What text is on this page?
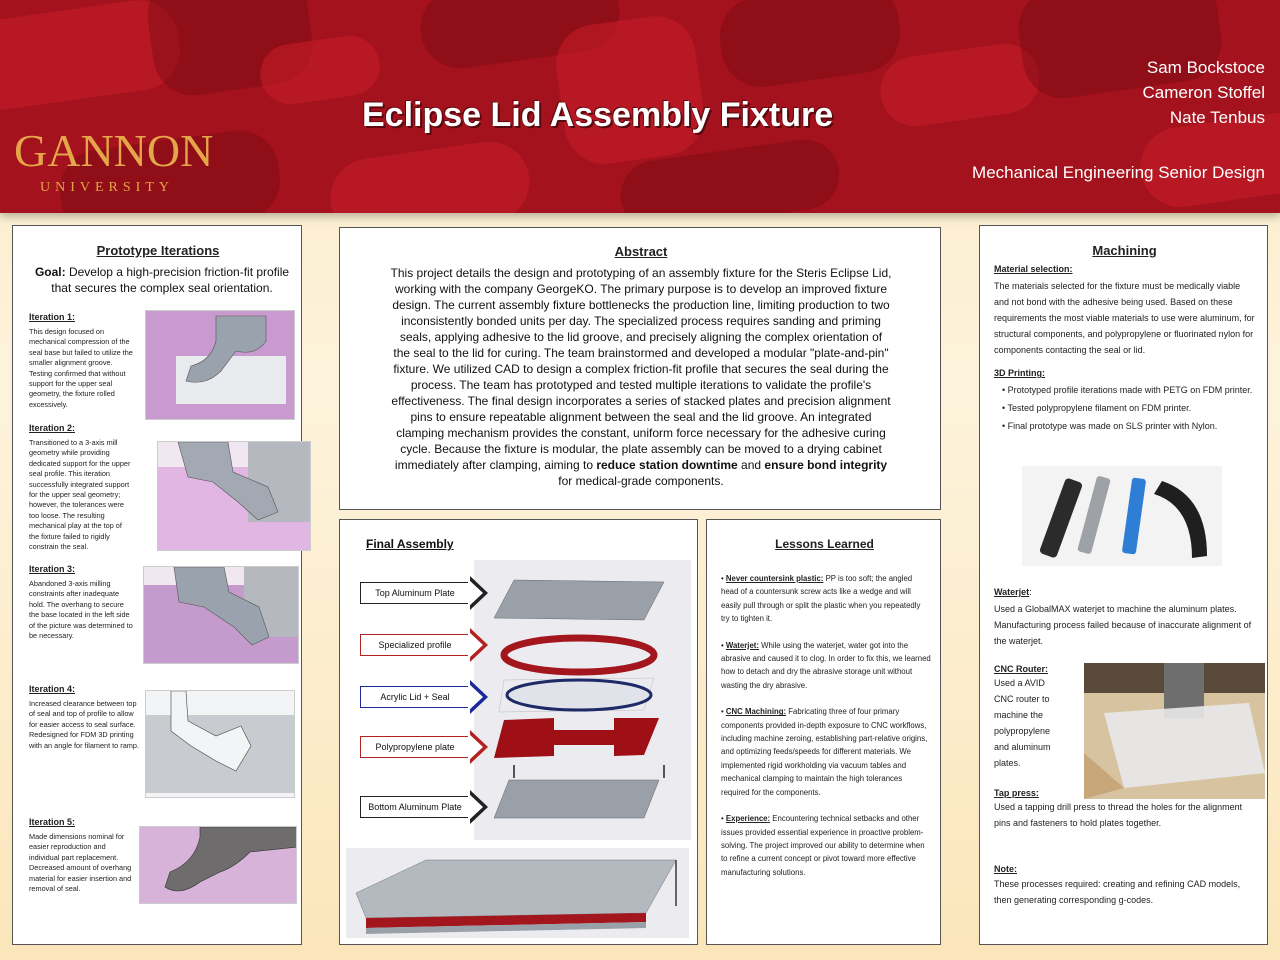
GANNON
UNIVERSITY
Eclipse Lid Assembly Fixture
Sam Bockstoce
Cameron Stoffel
Nate Tenbus
Mechanical Engineering Senior Design
Prototype Iterations
Goal: Develop a high-precision friction-fit profile that secures the complex seal orientation.
Iteration 1:
This design focused on mechanical compression of the seal base but failed to utilize the smaller alignment groove. Testing confirmed that without support for the upper seal geometry, the fixture rolled excessively.
Iteration 2:
Transitioned to a 3-axis mill geometry while providing dedicated support for the upper seal profile. This iteration successfully integrated support for the upper seal geometry; however, the tolerances were too loose. The resulting mechanical play at the top of the fixture failed to rigidly constrain the seal.
Iteration 3:
Abandoned 3-axis milling constraints after inadequate hold. The overhang to secure the base located in the left side of the picture was determined to be necessary.
Iteration 4:
Increased clearance between top of seal and top of profile to allow for easier access to seal surface. Redesigned for FDM 3D printing with an angle for filament to ramp.
Iteration 5:
Made dimensions nominal for easier reproduction and individual part replacement. Decreased amount of overhang material for easier insertion and removal of seal.
Abstract
This project details the design and prototyping of an assembly fixture for the Steris Eclipse Lid, working with the company GeorgeKO. The primary purpose is to develop an improved fixture design. The current assembly fixture bottlenecks the production line, limiting production to two inconsistently bonded units per day. The specialized process requires sanding and priming seals, applying adhesive to the lid groove, and precisely aligning the complex orientation of the seal to the lid for curing. The team brainstormed and developed a modular "plate-and-pin" fixture. We utilized CAD to design a complex friction-fit profile that secures the seal during the process. The team has prototyped and tested multiple iterations to validate the profile's effectiveness. The final design incorporates a series of stacked plates and precision alignment pins to ensure repeatable alignment between the seal and the lid groove. An integrated clamping mechanism provides the constant, uniform force necessary for the adhesive curing cycle. Because the fixture is modular, the plate assembly can be moved to a drying cabinet immediately after clamping, aiming to reduce station downtime and ensure bond integrity for medical-grade components.
Final Assembly
Top Aluminum Plate
Specialized profile
Acrylic Lid + Seal
Polypropylene plate
Bottom Aluminum Plate
Lessons Learned
• Never countersink plastic: PP is too soft; the angled head of a countersunk screw acts like a wedge and will easily pull through or split the plastic when you repeatedly try to tighten it.
• Waterjet: While using the waterjet, water got into the abrasive and caused it to clog. In order to fix this, we learned how to detach and dry the abrasive storage unit without wasting the dry abrasive.
• CNC Machining: Fabricating three of four primary components provided in-depth exposure to CNC workflows, including machine zeroing, establishing part-relative origins, and optimizing feeds/speeds for different materials. We implemented rigid workholding via vacuum tables and mechanical clamping to maintain the high tolerances required for the components.
• Experience: Encountering technical setbacks and other issues provided essential experience in proactive problem-solving. The project improved our ability to determine when to refine a current concept or pivot toward more effective manufacturing solutions.
Machining
Material selection:
The materials selected for the fixture must be medically viable and not bond with the adhesive being used. Based on these requirements the most viable materials to use were aluminum, for structural components, and polypropylene or fluorinated nylon for components contacting the seal or lid.
3D Printing:
• Prototyped profile iterations made with PETG on FDM printer.
• Tested polypropylene filament on FDM printer.
• Final prototype was made on SLS printer with Nylon.
Waterjet:
Used a GlobalMAX waterjet to machine the aluminum plates. Manufacturing process failed because of inaccurate alignment of the waterjet.
CNC Router:
Used a AVID CNC router to machine the polypropylene and aluminum plates.
Tap press:
Used a tapping drill press to thread the holes for the alignment pins and fasteners to hold plates together.
Note:
These processes required: creating and refining CAD models, then generating corresponding g-codes.
